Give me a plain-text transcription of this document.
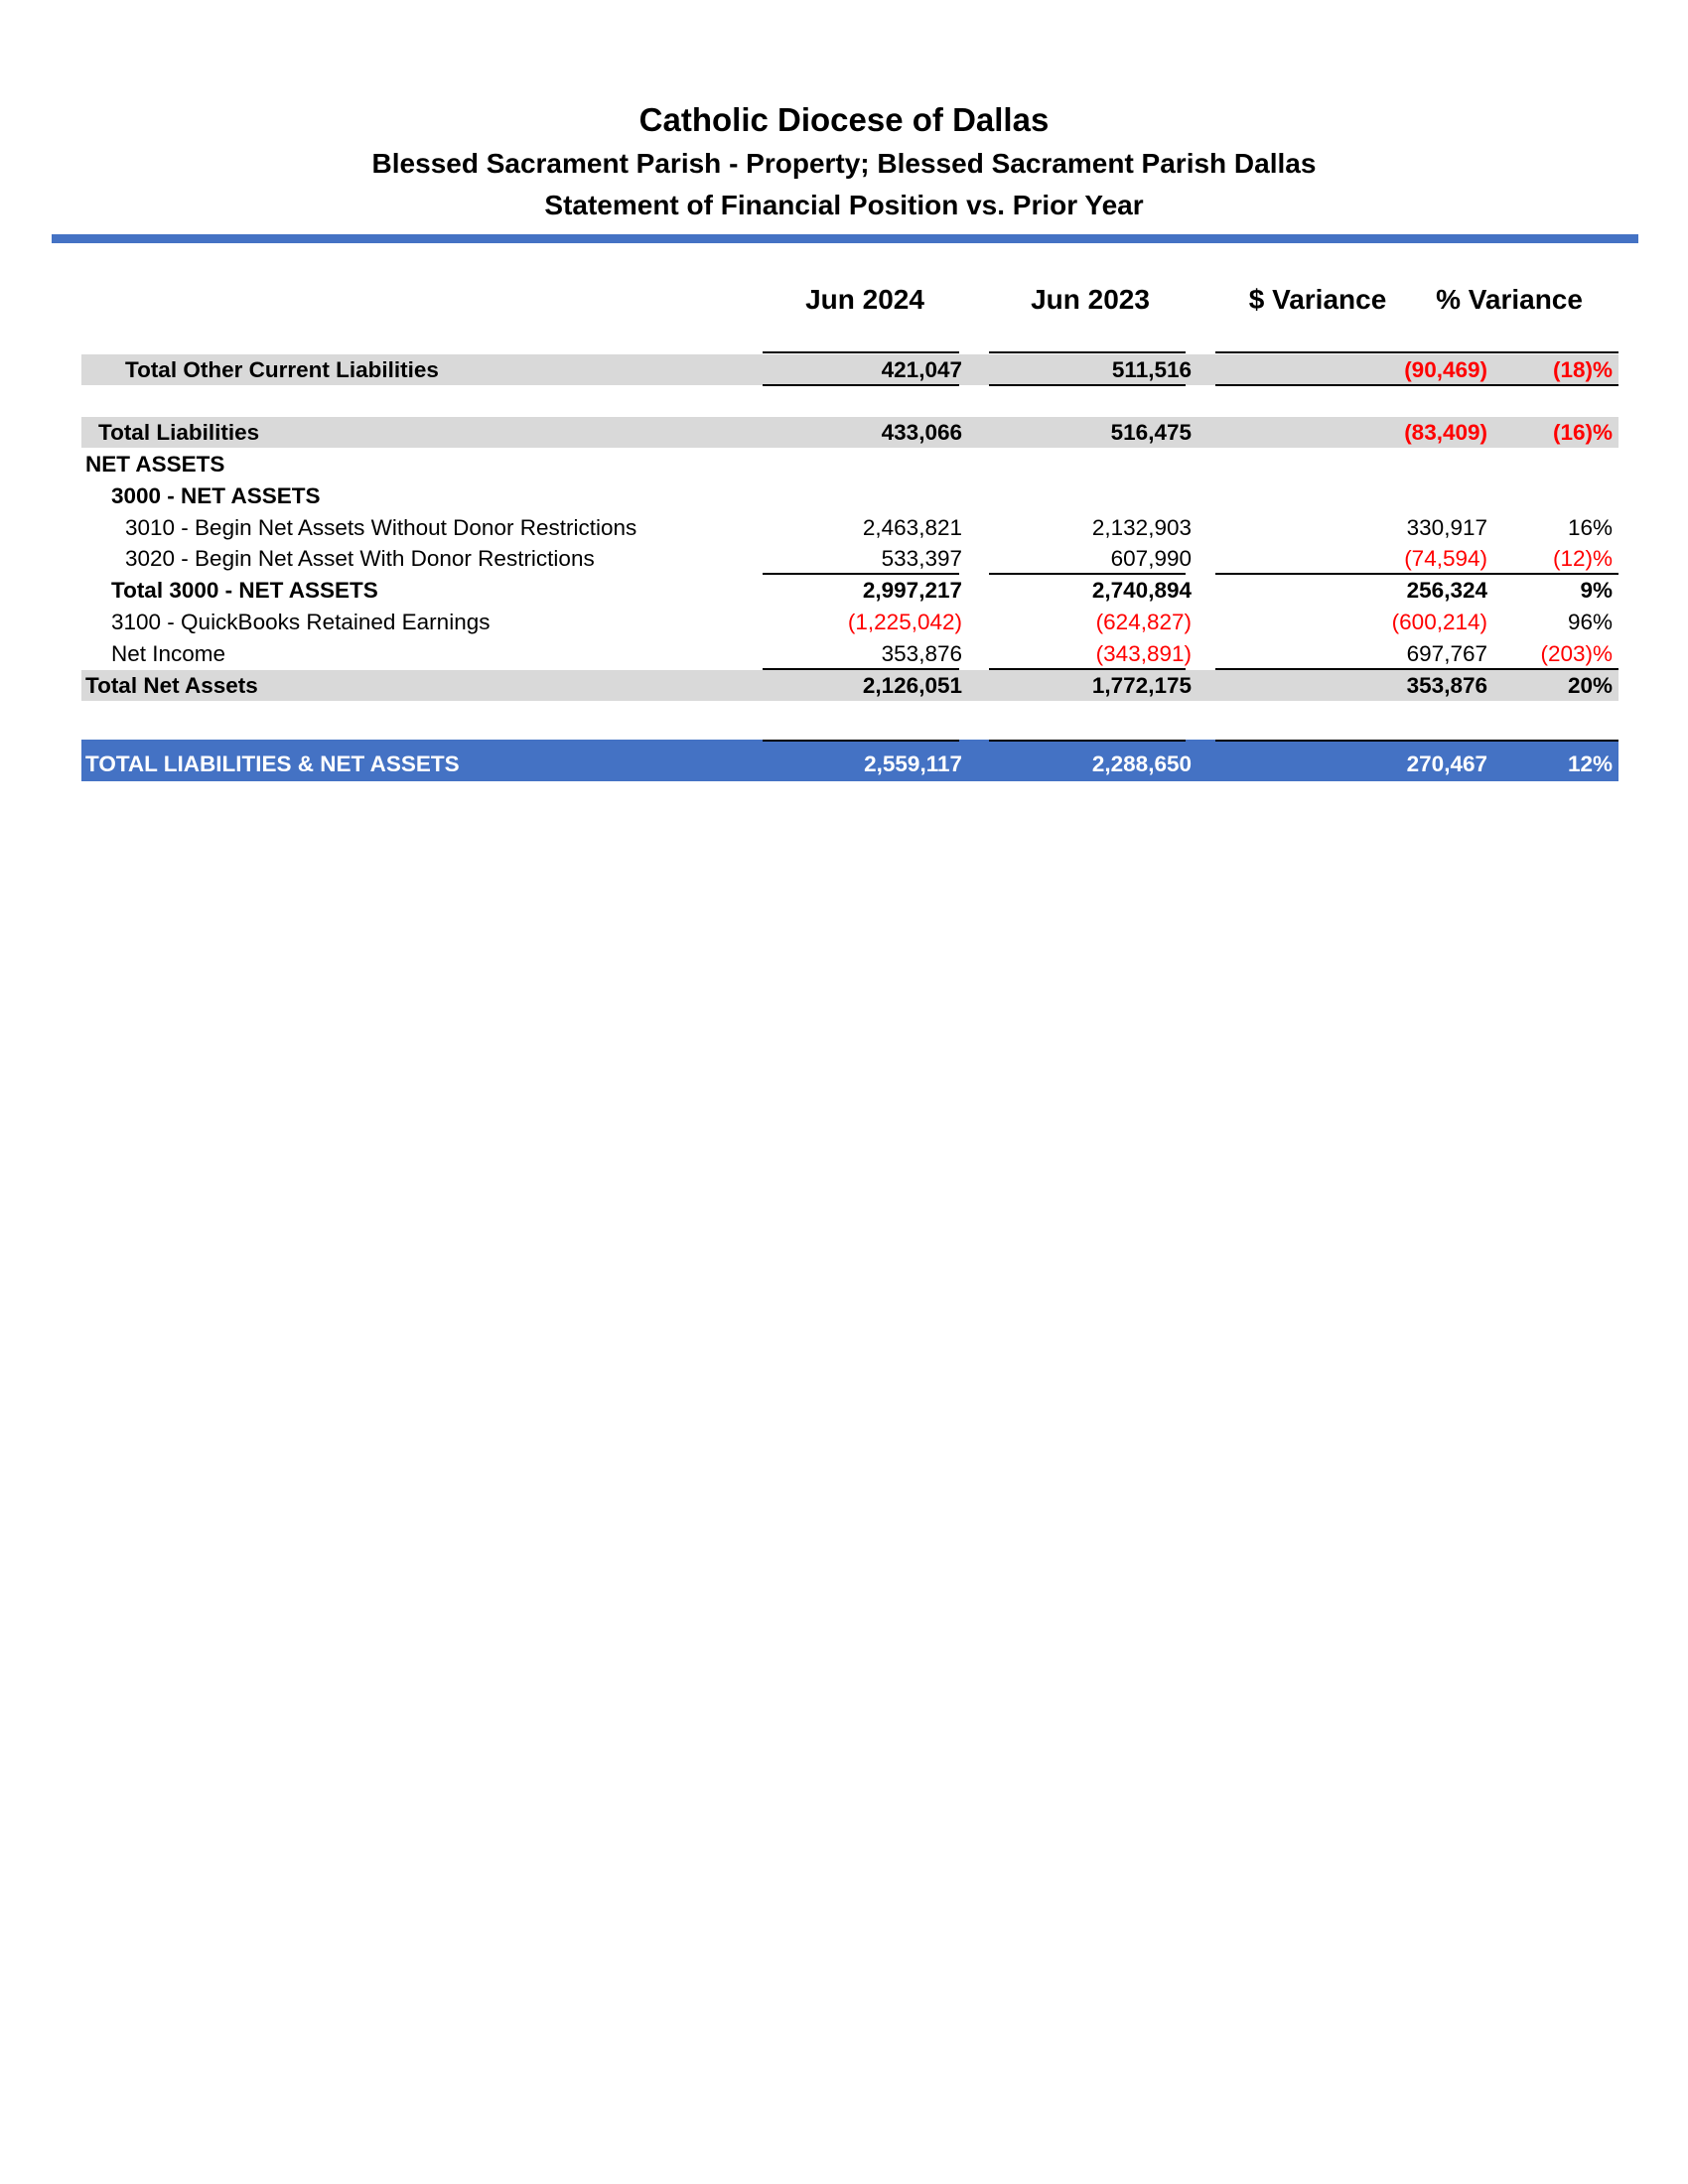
Catholic Diocese of Dallas
Blessed Sacrament Parish - Property; Blessed Sacrament Parish Dallas
Statement of Financial Position vs. Prior Year
Jun 2024	Jun 2023	$ Variance	% Variance
Total Other Current Liabilities	421,047	511,516	(90,469)	(18)%
Total Liabilities	433,066	516,475	(83,409)	(16)%
NET ASSETS
3000 - NET ASSETS
3010 - Begin Net Assets Without Donor Restrictions	2,463,821	2,132,903	330,917	16%
3020 - Begin Net Asset With Donor Restrictions	533,397	607,990	(74,594)	(12)%
Total 3000 - NET ASSETS	2,997,217	2,740,894	256,324	9%
3100 - QuickBooks Retained Earnings	(1,225,042)	(624,827)	(600,214)	96%
Net Income	353,876	(343,891)	697,767	(203)%
Total Net Assets	2,126,051	1,772,175	353,876	20%
TOTAL LIABILITIES & NET ASSETS	2,559,117	2,288,650	270,467	12%
